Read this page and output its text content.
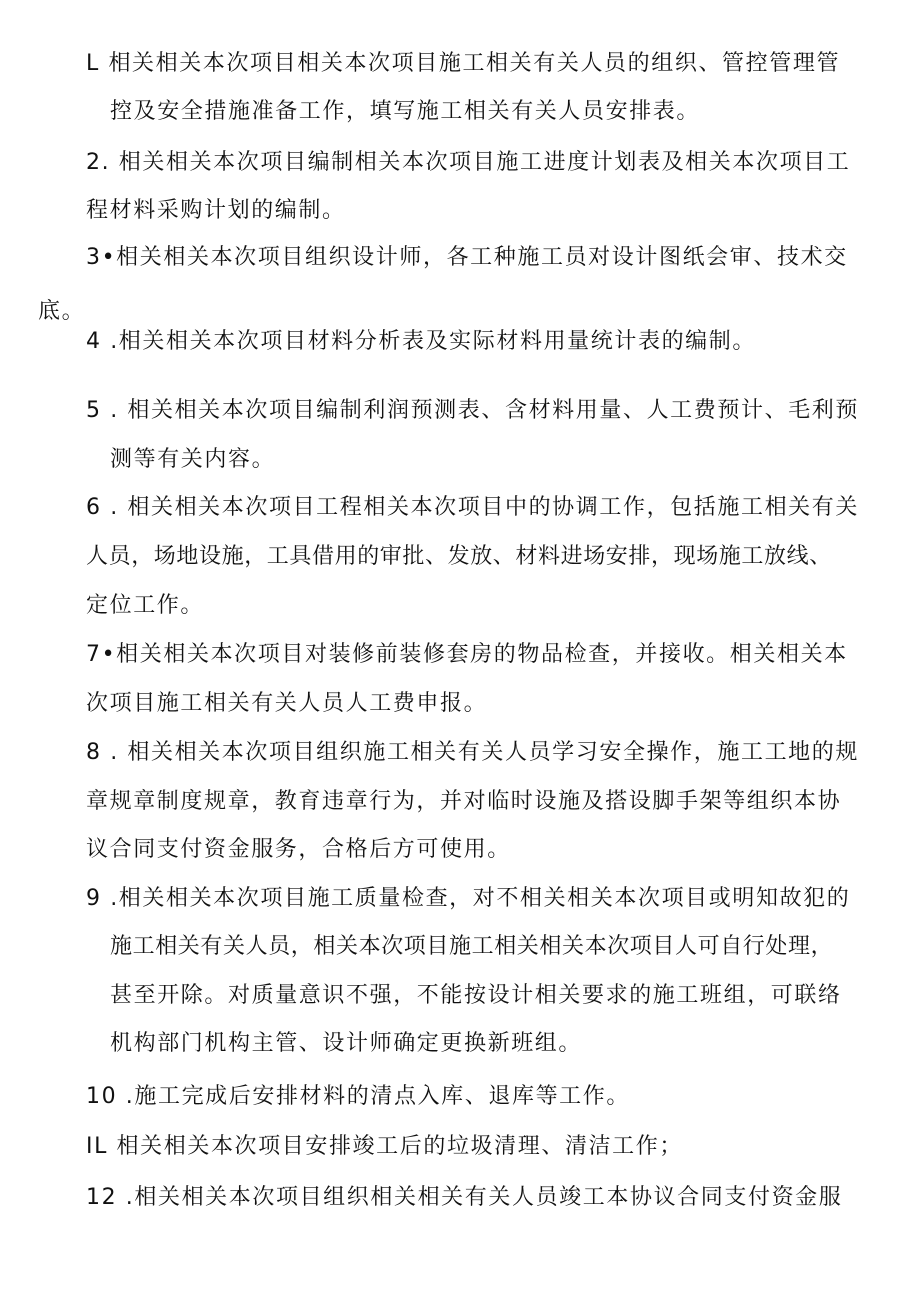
L 相关相关本次项目相关本次项目施工相关有关人员的组织、管控管理管
控及安全措施准备工作，填写施工相关有关人员安排表。
2. 相关相关本次项目编制相关本次项目施工进度计划表及相关本次项目工
程材料采购计划的编制。
3•相关相关本次项目组织设计师，各工种施工员对设计图纸会审、技术交
底。
4 .相关相关本次项目材料分析表及实际材料用量统计表的编制。
5 . 相关相关本次项目编制利润预测表、含材料用量、人工费预计、毛利预
测等有关内容。
6 . 相关相关本次项目工程相关本次项目中的协调工作，包括施工相关有关
人员，场地设施，工具借用的审批、发放、材料进场安排，现场施工放线、
定位工作。
7•相关相关本次项目对装修前装修套房的物品检查，并接收。相关相关本
次项目施工相关有关人员人工费申报。
8 . 相关相关本次项目组织施工相关有关人员学习安全操作，施工工地的规
章规章制度规章，教育违章行为，并对临时设施及搭设脚手架等组织本协
议合同支付资金服务，合格后方可使用。
9 .相关相关本次项目施工质量检查，对不相关相关本次项目或明知故犯的
施工相关有关人员，相关本次项目施工相关相关本次项目人可自行处理，
甚至开除。对质量意识不强，不能按设计相关要求的施工班组，可联络
机构部门机构主管、设计师确定更换新班组。
10 .施工完成后安排材料的清点入库、退库等工作。
IL 相关相关本次项目安排竣工后的垃圾清理、清洁工作；
12 .相关相关本次项目组织相关相关有关人员竣工本协议合同支付资金服
